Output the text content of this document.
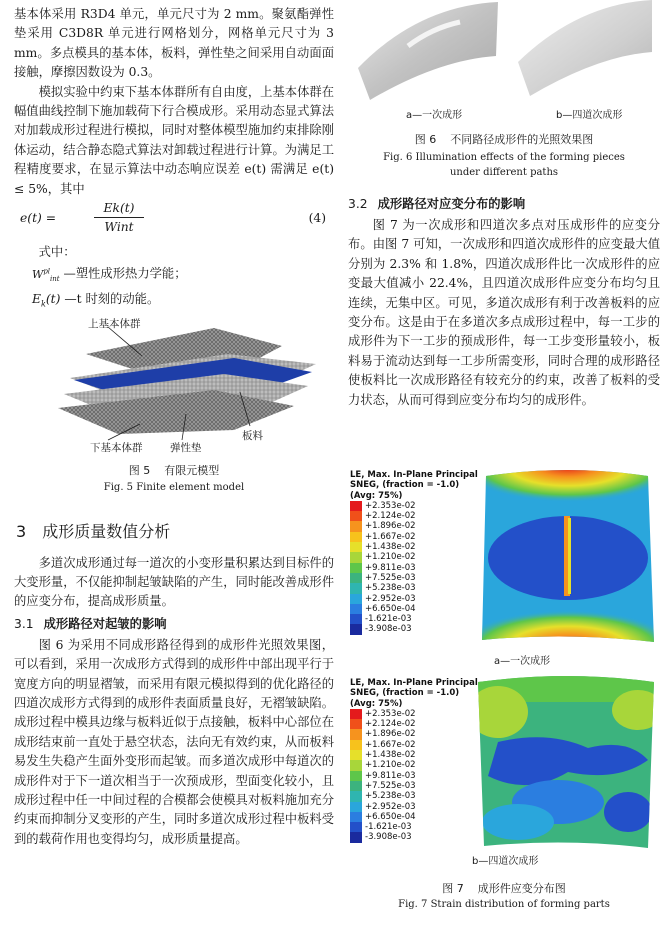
基本体采用 R3D4 单元，单元尺寸为 2 mm。聚氨酯弹性垫采用 C3D8R 单元进行网格划分，网格单元尺寸为 3 mm。多点模具的基本体，板料，弹性垫之间采用自动面面接触，摩擦因数设为 0.3。

模拟实验中约束下基本体群所有自由度，上基本体群在幅值曲线控制下施加载荷下行合模成形。采用动态显式算法对加载成形过程进行模拟，同时对整体模型施加约束排除刚体运动，结合静态隐式算法对卸载过程进行计算。为满足工程精度要求，在显示算法中动态响应误差 e(t) 需满足 e(t) ≤ 5%，其中

e(t) =
Ek(t)
Wint
(4)

式中：

$W^{pl}_{int}$ —塑性成形热力学能；

$E_k(t)$ —t 时刻的动能。

上基本体群
下基本体群	弹性垫
板料
图 5 有限元模型
Fig. 5 Finite element model
3 成形质量数值分析

多道次成形通过每一道次的小变形量积累达到目标件的大变形量，不仅能抑制起皱缺陷的产生，同时能改善成形件的应变分布，提高成形质量。

3.1 成形路径对起皱的影响

图 6 为采用不同成形路径得到的成形件光照效果图，可以看到，采用一次成形方式得到的成形件中部出现平行于宽度方向的明显褶皱，而采用有限元模拟得到的优化路径的四道次成形方式得到的成形件表面质量良好，无褶皱缺陷。成形过程中模具边缘与板料近似于点接触，板料中心部位在成形结束前一直处于悬空状态，法向无有效约束，从而板料易发生失稳产生面外变形而起皱。而多道次成形中每道次的成形件对于下一道次相当于一次预成形，型面变化较小，且成形过程中任一中间过程的合模都会使模具对板料施加充分约束而抑制分叉变形的产生，同时多道次成形过程中板料受到的载荷作用也变得均匀，成形质量提高。

a—一次成形	b—四道次成形
图 6 不同路径成形件的光照效果图
Fig. 6 Illumination effects of the forming pieces
under different paths
3.2 成形路径对应变分布的影响

图 7 为一次成形和四道次多点对压成形件的应变分布。由图 7 可知，一次成形和四道次成形件的应变最大值分别为 2.3% 和 1.8%，四道次成形件比一次成形件的应变最大值减小 22.4%，且四道次成形件应变分布均匀且连续，无集中区。可见，多道次成形有利于改善板料的应变分布。这是由于在多道次多点成形过程中，每一工步的成形件为下一工步的预成形件，每一工步变形量较小，板料易于流动达到每一工步所需变形，同时合理的成形路径使板料比一次成形路径有较充分的约束，改善了板料的受力状态，从而可得到应变分布均匀的成形件。

LE, Max. In-Plane Principal
SNEG, (fraction = -1.0)
(Avg: 75%)
+2.353e-02
+2.124e-02
+1.896e-02
+1.667e-02
+1.438e-02
+1.210e-02
+9.811e-03
+7.525e-03
+5.238e-03
+2.952e-03
+6.650e-04
-1.621e-03
-3.908e-03
a—一次成形
LE, Max. In-Plane Principal
SNEG, (fraction = -1.0)
(Avg: 75%)
+2.353e-02
+2.124e-02
+1.896e-02
+1.667e-02
+1.438e-02
+1.210e-02
+9.811e-03
+7.525e-03
+5.238e-03
+2.952e-03
+6.650e-04
-1.621e-03
-3.908e-03
b—四道次成形
图 7 成形件应变分布图
Fig. 7 Strain distribution of forming parts
